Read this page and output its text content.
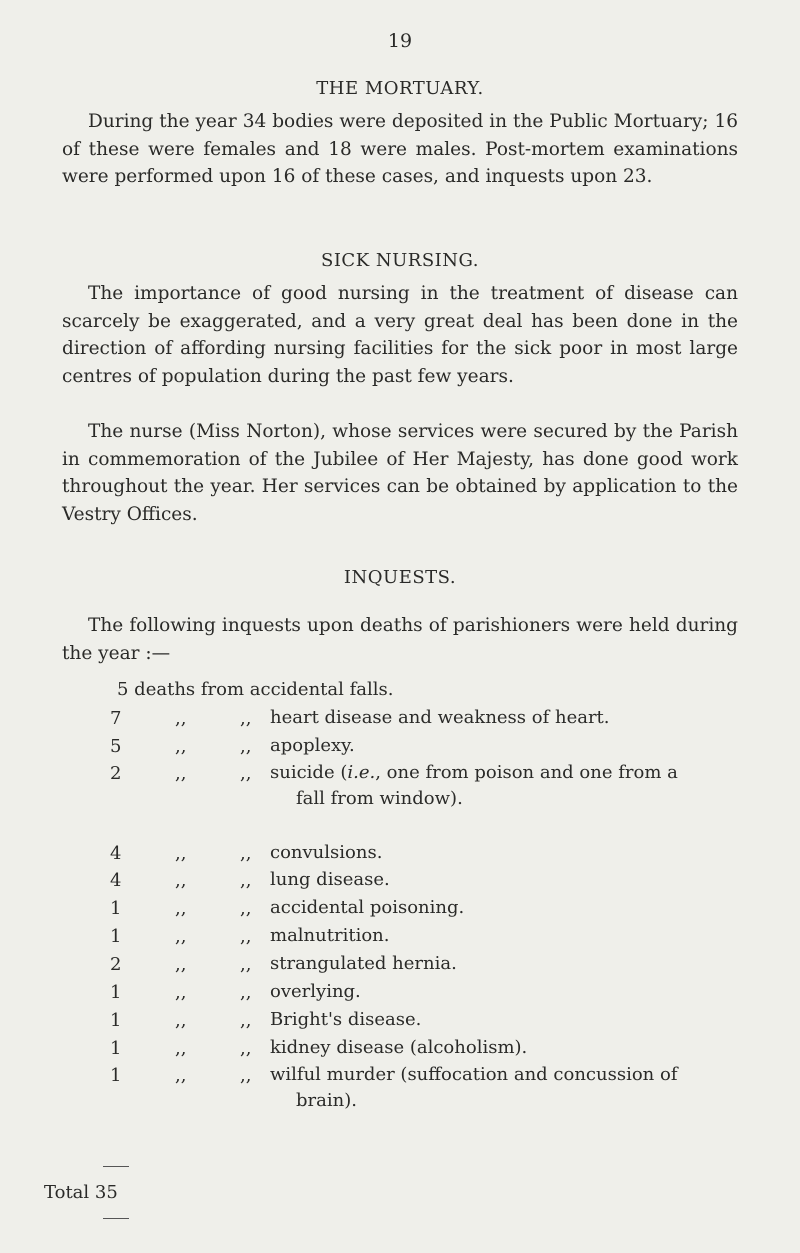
19
THE MORTUARY.

During the year 34 bodies were deposited in the Public Mortuary; 16 of these were females and 18 were males. Post-mortem examinations were performed upon 16 of these cases, and inquests upon 23.

SICK NURSING.

The importance of good nursing in the treatment of disease can scarcely be exaggerated, and a very great deal has been done in the direction of affording nursing facilities for the sick poor in most large centres of population during the past few years.

The nurse (Miss Norton), whose services were secured by the Parish in commemoration of the Jubilee of Her Majesty, has done good work throughout the year. Her services can be obtained by application to the Vestry Offices.

INQUESTS.

The following inquests upon deaths of parishioners were held during the year :—

5 deaths from accidental falls.
7	,,	,, heart disease and weakness of heart.
5	,,	,, apoplexy.
2	,,	,, suicide (i.e., one from poison and one from a
fall from window).
4	,,	,, convulsions.
4	,,	,, lung disease.
1	,,	,, accidental poisoning.
1	,,	,, malnutrition.
2	,,	,, strangulated hernia.
1	,,	,, overlying.
1	,,	,, Bright's disease.
1	,,	,, kidney disease (alcoholism).
1	,,	,, wilful murder (suffocation and concussion of
brain).
Total 35
